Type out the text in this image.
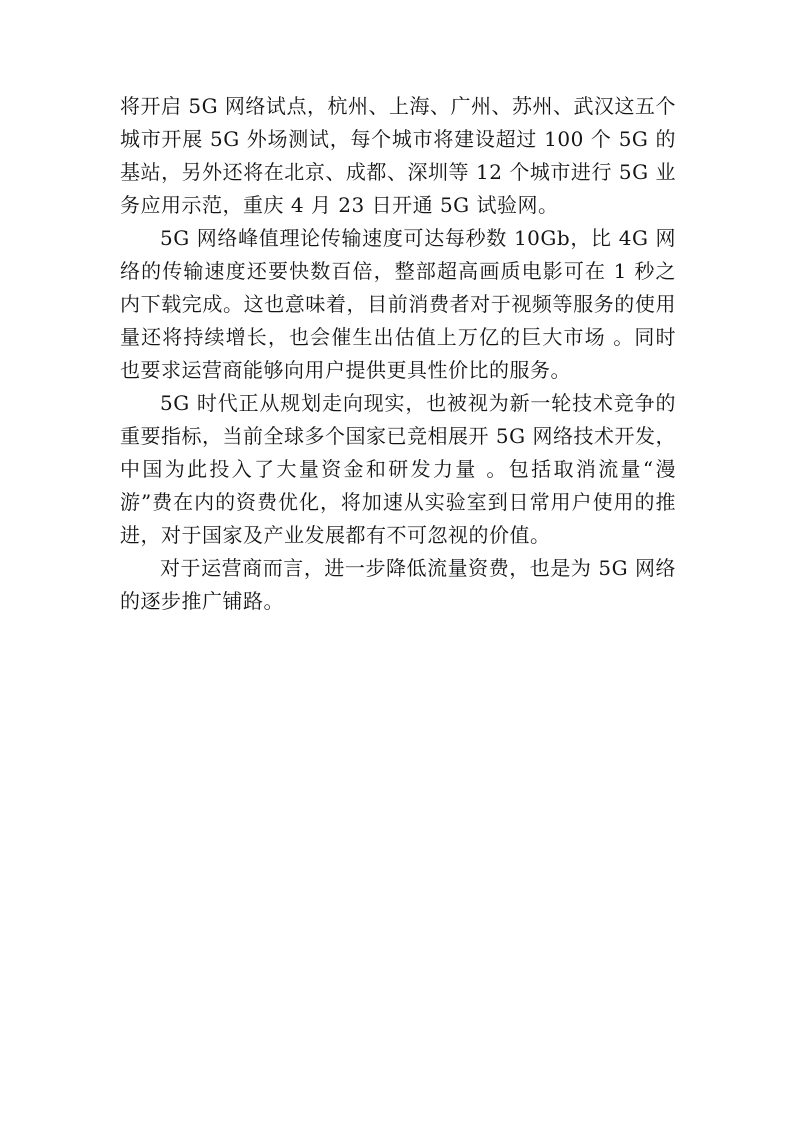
将开启 5G 网络试点，杭州、上海、广州、苏州、武汉这五个城市开展 5G 外场测试，每个城市将建设超过 100 个 5G 的基站，另外还将在北京、成都、深圳等 12 个城市进行 5G 业务应用示范，重庆 4 月 23 日开通 5G 试验网。

5G 网络峰值理论传输速度可达每秒数 10Gb，比 4G 网络的传输速度还要快数百倍，整部超高画质电影可在 1 秒之内下载完成。这也意味着，目前消费者对于视频等服务的使用量还将持续增长，也会催生出估值上万亿的巨大市场 。同时也要求运营商能够向用户提供更具性价比的服务。

5G 时代正从规划走向现实，也被视为新一轮技术竞争的重要指标，当前全球多个国家已竞相展开 5G 网络技术开发，中国为此投入了大量资金和研发力量 。包括取消流量“漫游”费在内的资费优化，将加速从实验室到日常用户使用的推进，对于国家及产业发展都有不可忽视的价值。

对于运营商而言，进一步降低流量资费，也是为 5G 网络的逐步推广铺路。
